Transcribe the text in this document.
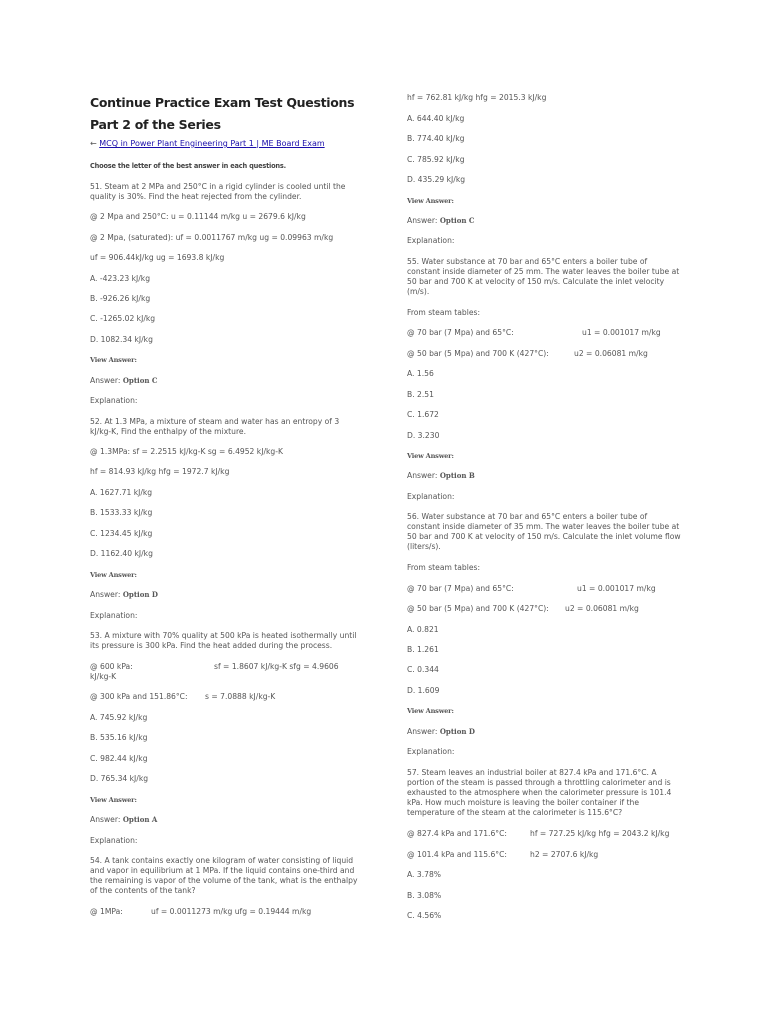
Continue Practice Exam Test Questions Part 2 of the Series
← MCQ in Power Plant Engineering Part 1 | ME Board Exam
Choose the letter of the best answer in each questions.

51. Steam at 2 MPa and 250°C in a rigid cylinder is cooled until the quality is 30%. Find the heat rejected from the cylinder.

@ 2 Mpa and 250°C: u = 0.11144 m/kg u = 2679.6 kJ/kg

@ 2 Mpa, (saturated): uf = 0.0011767 m/kg ug = 0.09963 m/kg

uf = 906.44kJ/kg ug = 1693.8 kJ/kg

A. -423.23 kJ/kg

B. -926.26 kJ/kg

C. -1265.02 kJ/kg

D. 1082.34 kJ/kg

View Answer:

Answer: Option C

Explanation:

52. At 1.3 MPa, a mixture of steam and water has an entropy of 3 kJ/kg-K, Find the enthalpy of the mixture.

@ 1.3MPa: sf = 2.2515 kJ/kg-K sg = 6.4952 kJ/kg-K

hf = 814.93 kJ/kg hfg = 1972.7 kJ/kg

A. 1627.71 kJ/kg

B. 1533.33 kJ/kg

C. 1234.45 kJ/kg

D. 1162.40 kJ/kg

View Answer:

Answer: Option D

Explanation:

53. A mixture with 70% quality at 500 kPa is heated isothermally until its pressure is 300 kPa. Find the heat added during the process.

@ 600 kPa:	sf = 1.8607 kJ/kg-K sfg = 4.9606

kJ/kg-K

@ 300 kPa and 151.86°C: s = 7.0888 kJ/kg-K

A. 745.92 kJ/kg

B. 535.16 kJ/kg

C. 982.44 kJ/kg

D. 765.34 kJ/kg

View Answer:

Answer: Option A

Explanation:

54. A tank contains exactly one kilogram of water consisting of liquid and vapor in equilibrium at 1 MPa. If the liquid contains one-third and the remaining is vapor of the volume of the tank, what is the enthalpy of the contents of the tank?

@ 1MPa:	uf = 0.0011273 m/kg ufg = 0.19444 m/kg

hf = 762.81 kJ/kg hfg = 2015.3 kJ/kg

A. 644.40 kJ/kg

B. 774.40 kJ/kg

C. 785.92 kJ/kg

D. 435.29 kJ/kg

View Answer:

Answer: Option C

Explanation:

55. Water substance at 70 bar and 65°C enters a boiler tube of constant inside diameter of 25 mm. The water leaves the boiler tube at 50 bar and 700 K at velocity of 150 m/s. Calculate the inlet velocity (m/s).

From steam tables:

@ 70 bar (7 Mpa) and 65°C:	u1 = 0.001017 m/kg

@ 50 bar (5 Mpa) and 700 K (427°C):	u2 = 0.06081 m/kg

A. 1.56

B. 2.51

C. 1.672

D. 3.230

View Answer:

Answer: Option B

Explanation:

56. Water substance at 70 bar and 65°C enters a boiler tube of constant inside diameter of 35 mm. The water leaves the boiler tube at 50 bar and 700 K at velocity of 150 m/s. Calculate the inlet volume flow (liters/s).

From steam tables:

@ 70 bar (7 Mpa) and 65°C:	u1 = 0.001017 m/kg

@ 50 bar (5 Mpa) and 700 K (427°C): u2 = 0.06081 m/kg

A. 0.821

B. 1.261

C. 0.344

D. 1.609

View Answer:

Answer: Option D

Explanation:

57. Steam leaves an industrial boiler at 827.4 kPa and 171.6°C. A portion of the steam is passed through a throttling calorimeter and is exhausted to the atmosphere when the calorimeter pressure is 101.4 kPa. How much moisture is leaving the boiler container if the temperature of the steam at the calorimeter is 115.6°C?

@ 827.4 kPa and 171.6°C:	hf = 727.25 kJ/kg hfg = 2043.2 kJ/kg

@ 101.4 kPa and 115.6°C:	h2 = 2707.6 kJ/kg

A. 3.78%

B. 3.08%

C. 4.56%
